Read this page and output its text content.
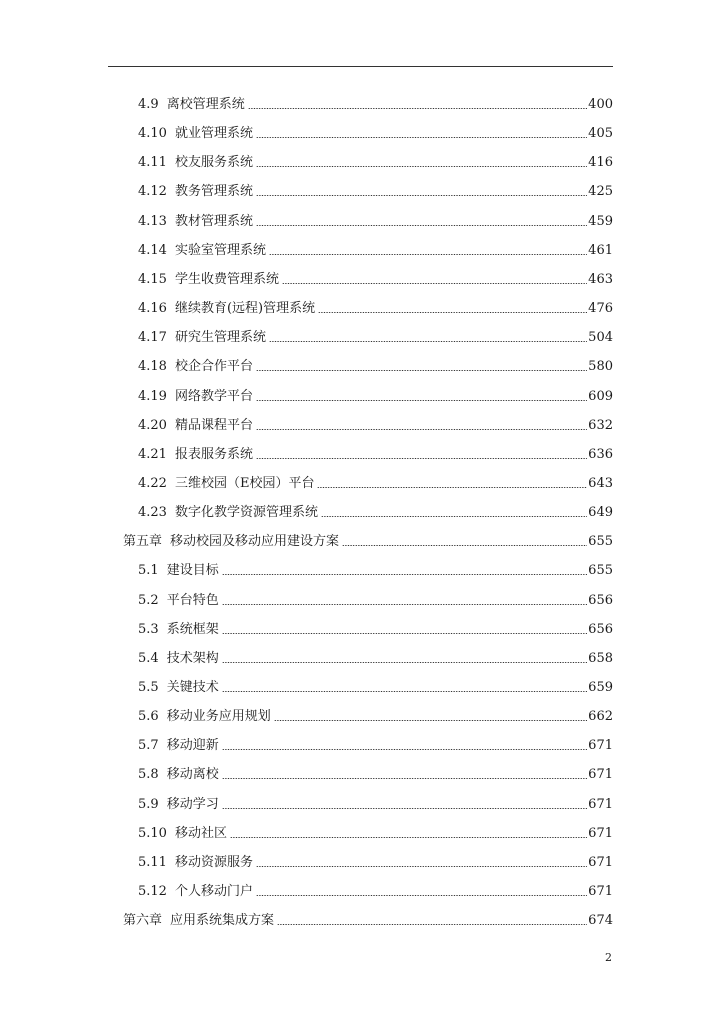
4.9 离校管理系统	400
4.10 就业管理系统	405
4.11 校友服务系统	416
4.12 教务管理系统	425
4.13 教材管理系统	459
4.14 实验室管理系统	461
4.15 学生收费管理系统	463
4.16 继续教育(远程)管理系统	476
4.17 研究生管理系统	504
4.18 校企合作平台	580
4.19 网络教学平台	609
4.20 精品课程平台	632
4.21 报表服务系统	636
4.22 三维校园（E校园）平台	643
4.23 数字化教学资源管理系统	649
第五章 移动校园及移动应用建设方案	655
5.1 建设目标	655
5.2 平台特色	656
5.3 系统框架	656
5.4 技术架构	658
5.5 关键技术	659
5.6 移动业务应用规划	662
5.7 移动迎新	671
5.8 移动离校	671
5.9 移动学习	671
5.10 移动社区	671
5.11 移动资源服务	671
5.12 个人移动门户	671
第六章 应用系统集成方案	674
2
